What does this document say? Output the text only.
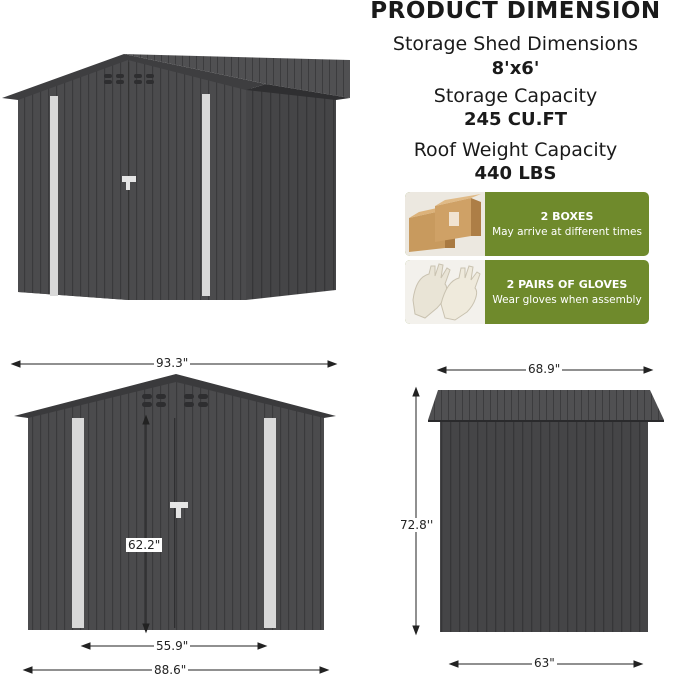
PRODUCT DIMENSION
Storage Shed Dimensions
8'x6'
Storage Capacity
245 CU.FT
Roof Weight Capacity
440 LBS
2 BOXES
May arrive at different times
2 PAIRS OF GLOVES
Wear gloves when assembly
93.3"
62.2"
55.9"
88.6"
68.9"
72.8''
63"
